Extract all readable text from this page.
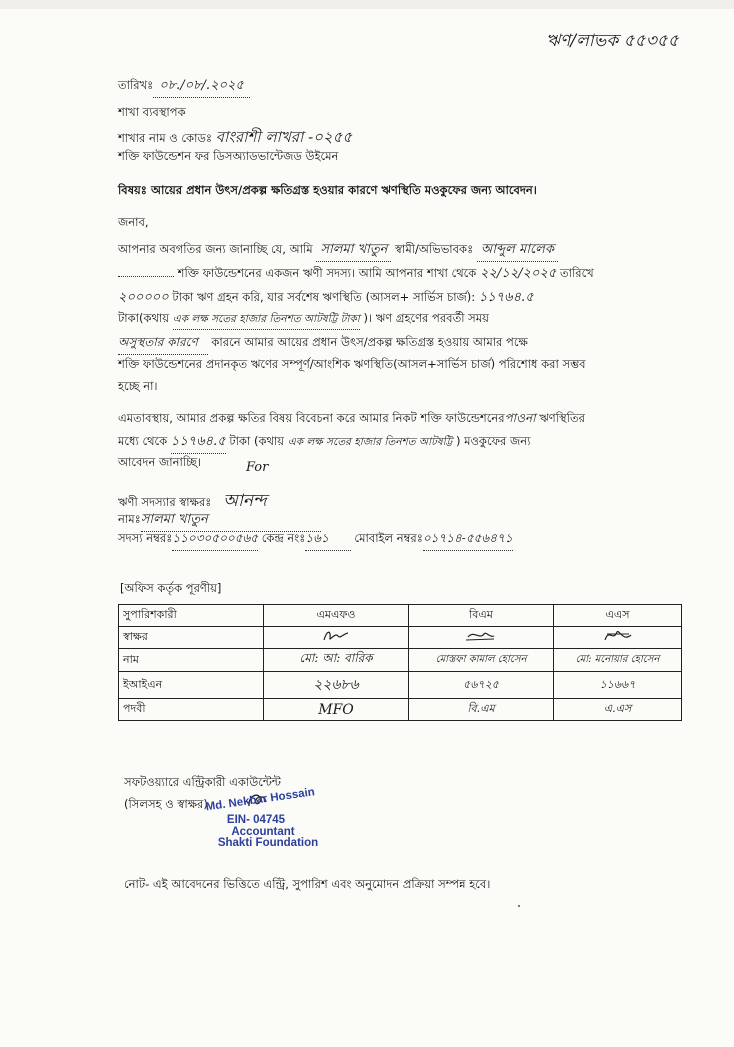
ঋণ/লাভক ৫৫৩৫৫
তারিখঃ ০৮./০৮/.২০২৫
শাখা ব্যবস্থাপক
শাখার নাম ও কোডঃ বাংরাশী লাখরা -০২৫৫
শক্তি ফাউন্ডেশন ফর ডিসঅ্যাডভান্টেজড উইমেন
বিষয়ঃ আয়ের প্রধান উৎস/প্রকল্প ক্ষতিগ্রস্ত হওয়ার কারণে ঋণস্থিতি মওকুফের জন্য আবেদন।
জনাব,
আপনার অবগতির জন্য জানাচ্ছি যে, আমি সালমা খাতুন স্বামী/অভিভাবকঃ আব্দুল মালেক
শক্তি ফাউন্ডেশনের একজন ঋণী সদস্য। আমি আপনার শাখা থেকে ২২/১২/২০২৫ তারিখে
২০০০০০ টাকা ঋণ গ্রহন করি, যার সর্বশেষ ঋণস্থিতি (আসল+ সার্ভিস চার্জ): ১১৭৬৪.৫
টাকা(কথায় এক লক্ষ সতের হাজার তিনশত আটষট্টি টাকা )। ঋণ গ্রহণের পরবর্তী সময়
অসুস্থতার কারণে কারনে আমার আয়ের প্রধান উৎস/প্রকল্প ক্ষতিগ্রস্ত হওয়ায় আমার পক্ষে
শক্তি ফাউন্ডেশনের প্রদানকৃত ঋণের সম্পূর্ণ/আংশিক ঋণস্থিতি(আসল+সার্ভিস চার্জ) পরিশোধ করা সম্ভব
হচ্ছে না।
এমতাবস্থায়, আমার প্রকল্প ক্ষতির বিষয় বিবেচনা করে আমার নিকট শক্তি ফাউন্ডেশনেরপাওনা ঋণস্থিতির
মধ্যে থেকে ১১৭৬৪.৫ টাকা (কথায় এক লক্ষ সতের হাজার তিনশত আটষট্টি ) মওকুফের জন্য
আবেদন জানাচ্ছি।	For
ঋণী সদস্যার স্বাক্ষরঃ আনন্দ
নামঃসালমা খাতুন
সদস্য নম্বরঃ১১০৩০৫০০৫৬৫ কেন্দ্র নংঃ১৬১ মোবাইল নম্বরঃ০১৭১৪-৫৫৬৪৭১
[অফিস কর্তৃক পূরণীয়]
সুপারিশকারী	এমএফও	বিএম	এএস
স্বাক্ষর			
নাম	মো: আ: বারিক	মোস্তফা কামাল হোসেন	মো: মনোয়ার হোসেন
ইআইএন	২২৬৮৬	৫৬৭২৫	১১৬৬৭
পদবী	MFO	বি.এম	এ.এস
সফটওয়্যারে এন্ট্রিকারী একাউন্টেন্ট
(সিলসহ ও স্বাক্ষর)
Md. Nekbar Hossain
EIN- 04745
Accountant
Shakti Foundation
নোট- এই আবেদনের ভিত্তিতে এন্ট্রি, সুপারিশ এবং অনুমোদন প্রক্রিয়া সম্পন্ন হবে।
